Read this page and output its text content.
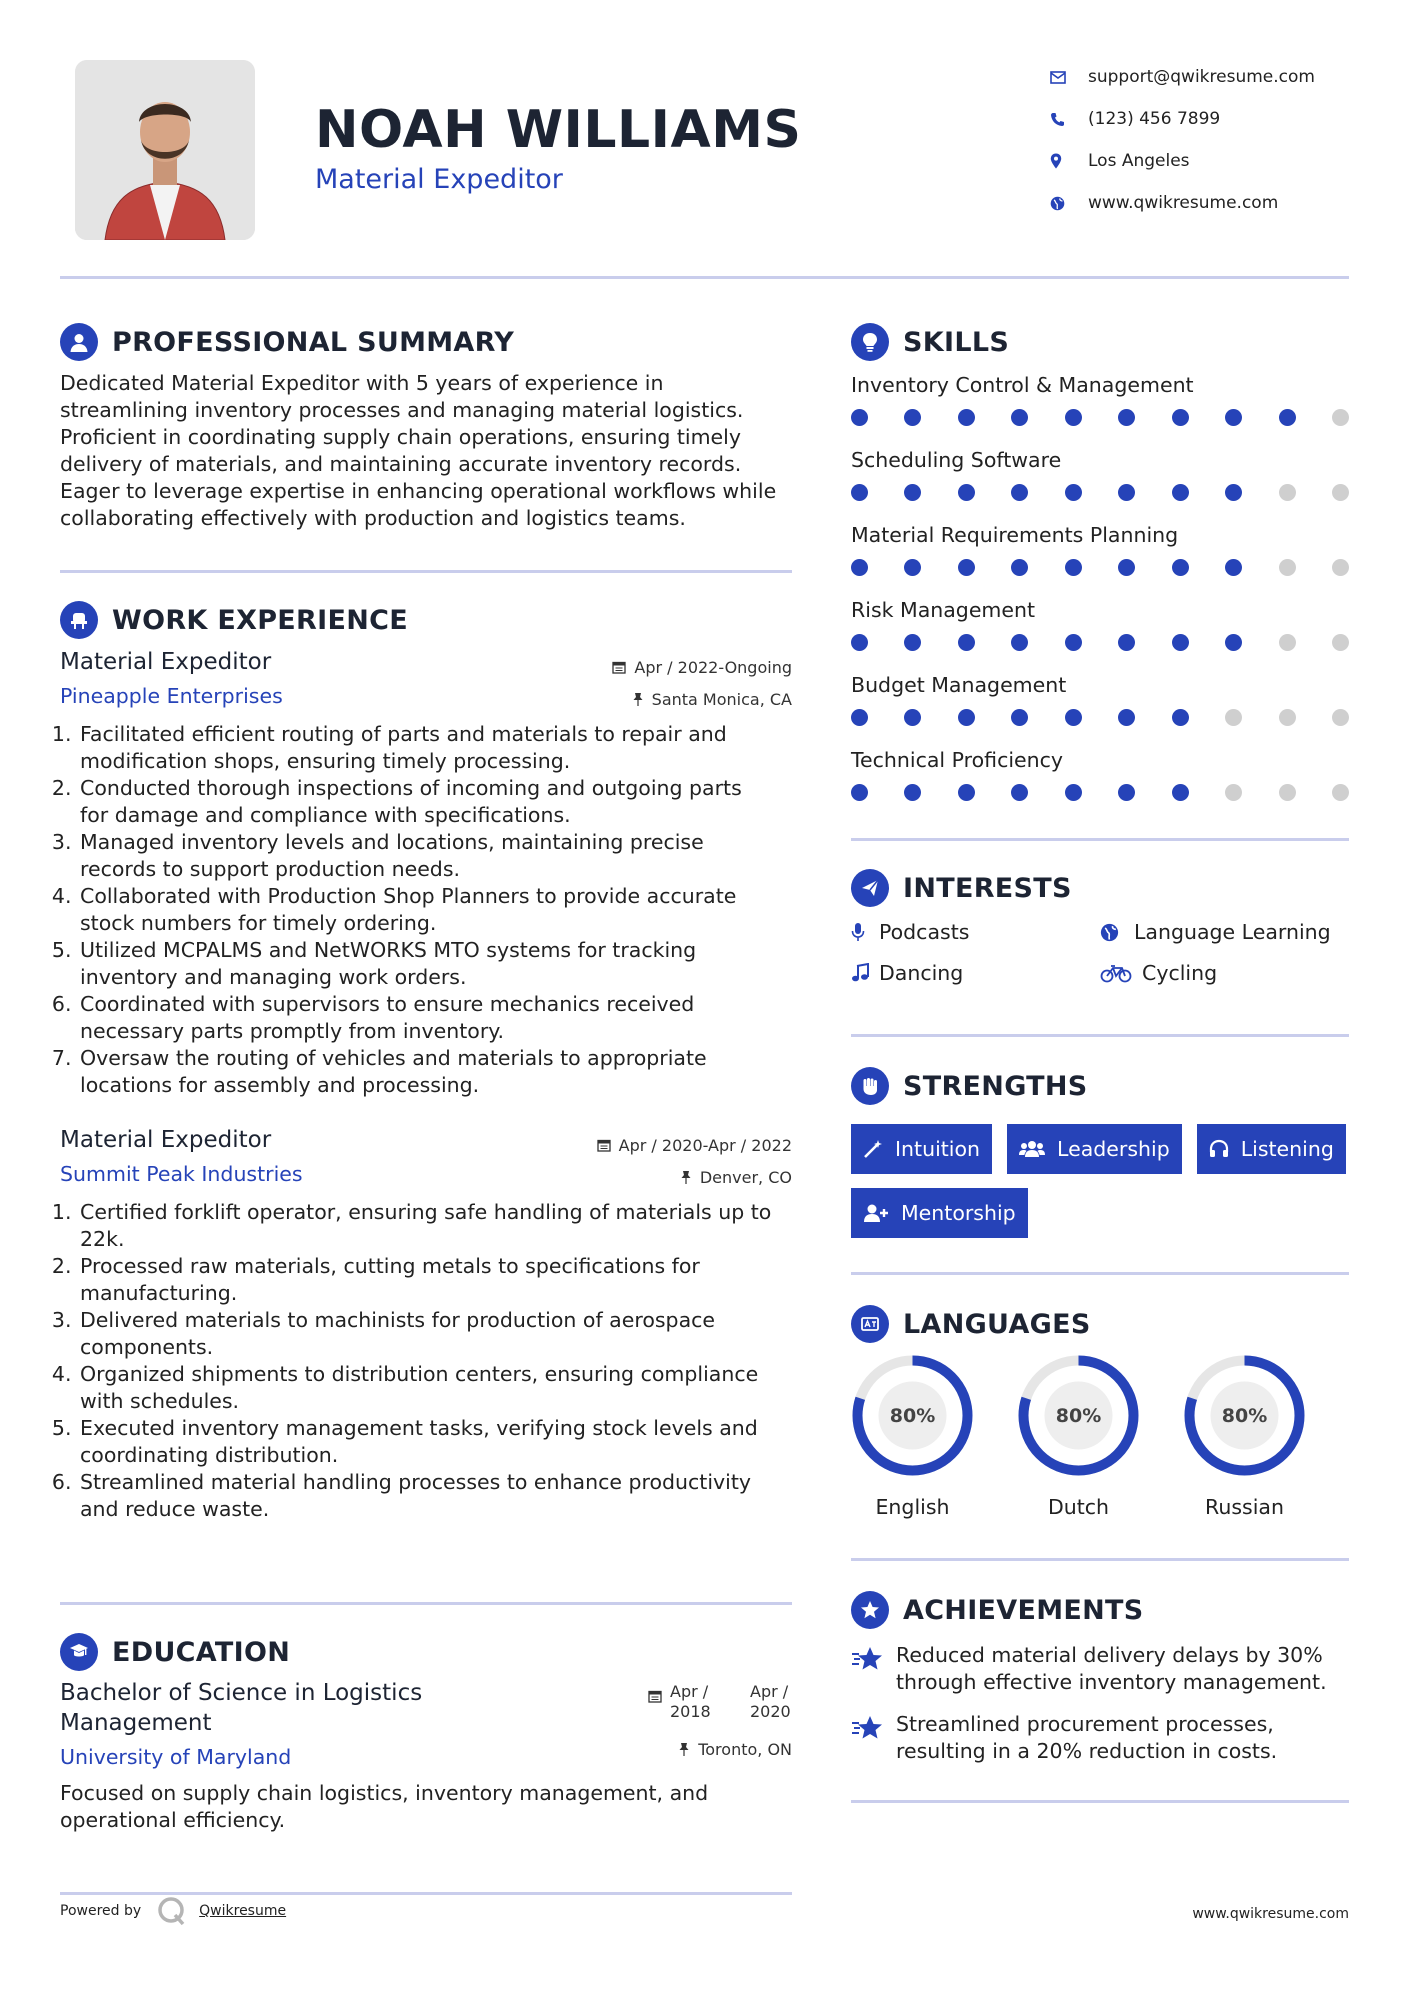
NOAH WILLIAMS
Material Expeditor
support@qwikresume.com
(123) 456 7899
Los Angeles
www.qwikresume.com
PROFESSIONAL SUMMARY
Dedicated Material Expeditor with 5 years of experience in
streamlining inventory processes and managing material logistics.
Proficient in coordinating supply chain operations, ensuring timely
delivery of materials, and maintaining accurate inventory records.
Eager to leverage expertise in enhancing operational workflows while
collaborating effectively with production and logistics teams.
WORK EXPERIENCE
Material Expeditor
Pineapple Enterprises
Apr / 2022-Ongoing
Santa Monica, CA
1. Facilitated efficient routing of parts and materials to repair and
modification shops, ensuring timely processing.
2. Conducted thorough inspections of incoming and outgoing parts
for damage and compliance with specifications.
3. Managed inventory levels and locations, maintaining precise
records to support production needs.
4. Collaborated with Production Shop Planners to provide accurate
stock numbers for timely ordering.
5. Utilized MCPALMS and NetWORKS MTO systems for tracking
inventory and managing work orders.
6. Coordinated with supervisors to ensure mechanics received
necessary parts promptly from inventory.
7. Oversaw the routing of vehicles and materials to appropriate
locations for assembly and processing.
Material Expeditor
Summit Peak Industries
Apr / 2020-Apr / 2022
Denver, CO
1. Certified forklift operator, ensuring safe handling of materials up to
22k.
2. Processed raw materials, cutting metals to specifications for
manufacturing.
3. Delivered materials to machinists for production of aerospace
components.
4. Organized shipments to distribution centers, ensuring compliance
with schedules.
5. Executed inventory management tasks, verifying stock levels and
coordinating distribution.
6. Streamlined material handling processes to enhance productivity
and reduce waste.
EDUCATION
Bachelor of Science in Logistics
Management
University of Maryland
Apr /
2018
Apr /
2020
Toronto, ON
Focused on supply chain logistics, inventory management, and
operational efficiency.
SKILLS
Inventory Control & Management
Scheduling Software
Material Requirements Planning
Risk Management
Budget Management
Technical Proficiency
INTERESTS
Podcasts	Language Learning
Dancing	Cycling
STRENGTHS
Intuition	Leadership	Listening
Mentorship
LANGUAGES
80%
English
80%
Dutch
80%
Russian
ACHIEVEMENTS
Reduced material delivery delays by 30%
through effective inventory management.
Streamlined procurement processes,
resulting in a 20% reduction in costs.
Powered by	Qwikresume	www.qwikresume.com
